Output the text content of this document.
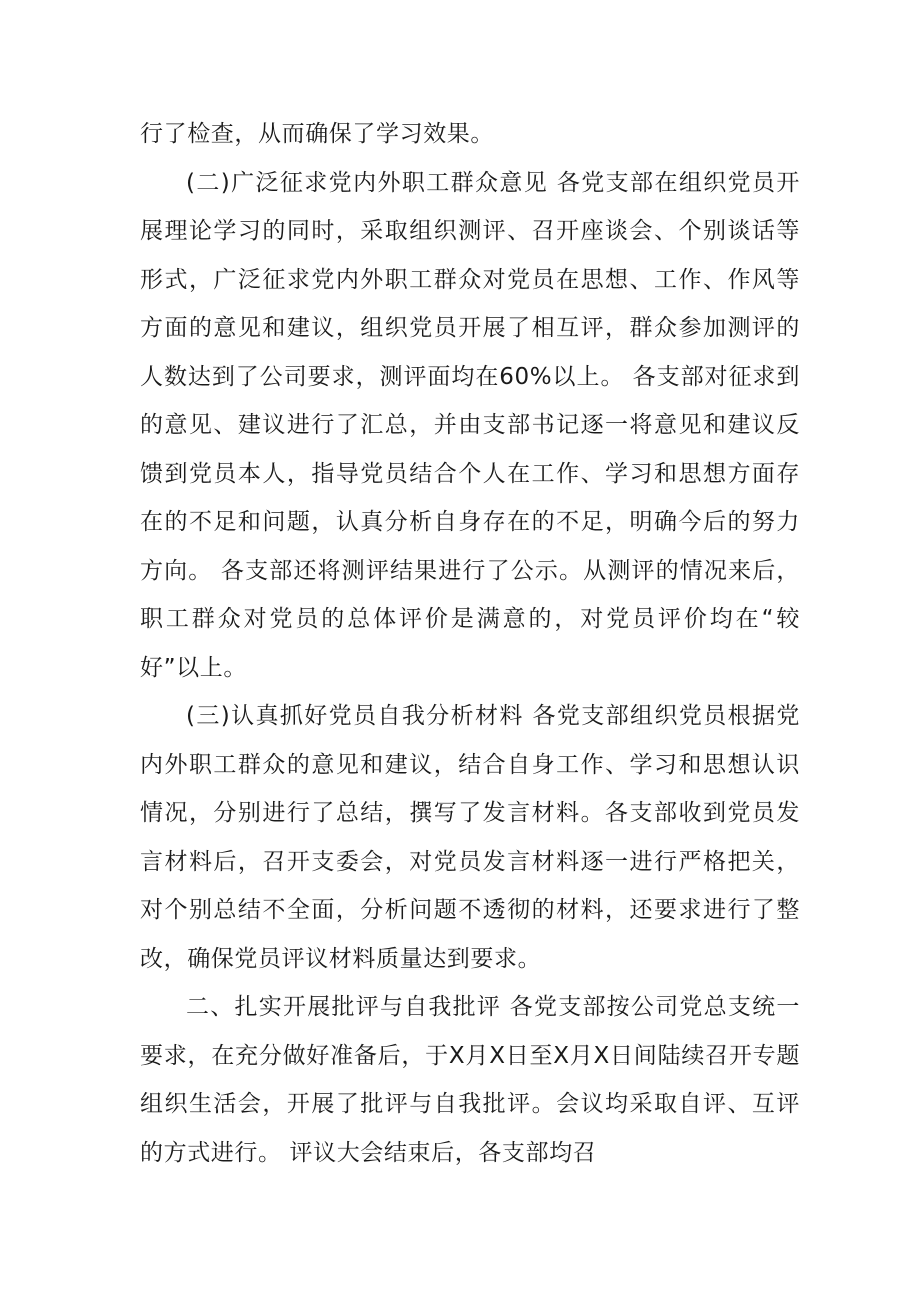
行了检查，从而确保了学习效果。

(二)广泛征求党内外职工群众意见 各党支部在组织党员开展理论学习的同时，采取组织测评、召开座谈会、个别谈话等形式，广泛征求党内外职工群众对党员在思想、工作、作风等方面的意见和建议，组织党员开展了相互评，群众参加测评的人数达到了公司要求，测评面均在60%以上。 各支部对征求到的意见、建议进行了汇总，并由支部书记逐一将意见和建议反馈到党员本人，指导党员结合个人在工作、学习和思想方面存在的不足和问题，认真分析自身存在的不足，明确今后的努力方向。 各支部还将测评结果进行了公示。从测评的情况来后，职工群众对党员的总体评价是满意的，对党员评价均在“较好”以上。

(三)认真抓好党员自我分析材料 各党支部组织党员根据党内外职工群众的意见和建议，结合自身工作、学习和思想认识情况，分别进行了总结，撰写了发言材料。各支部收到党员发言材料后，召开支委会，对党员发言材料逐一进行严格把关，对个别总结不全面，分析问题不透彻的材料，还要求进行了整改，确保党员评议材料质量达到要求。

二、扎实开展批评与自我批评 各党支部按公司党总支统一要求，在充分做好准备后，于X月X日至X月X日间陆续召开专题组织生活会，开展了批评与自我批评。会议均采取自评、互评的方式进行。 评议大会结束后，各支部均召
